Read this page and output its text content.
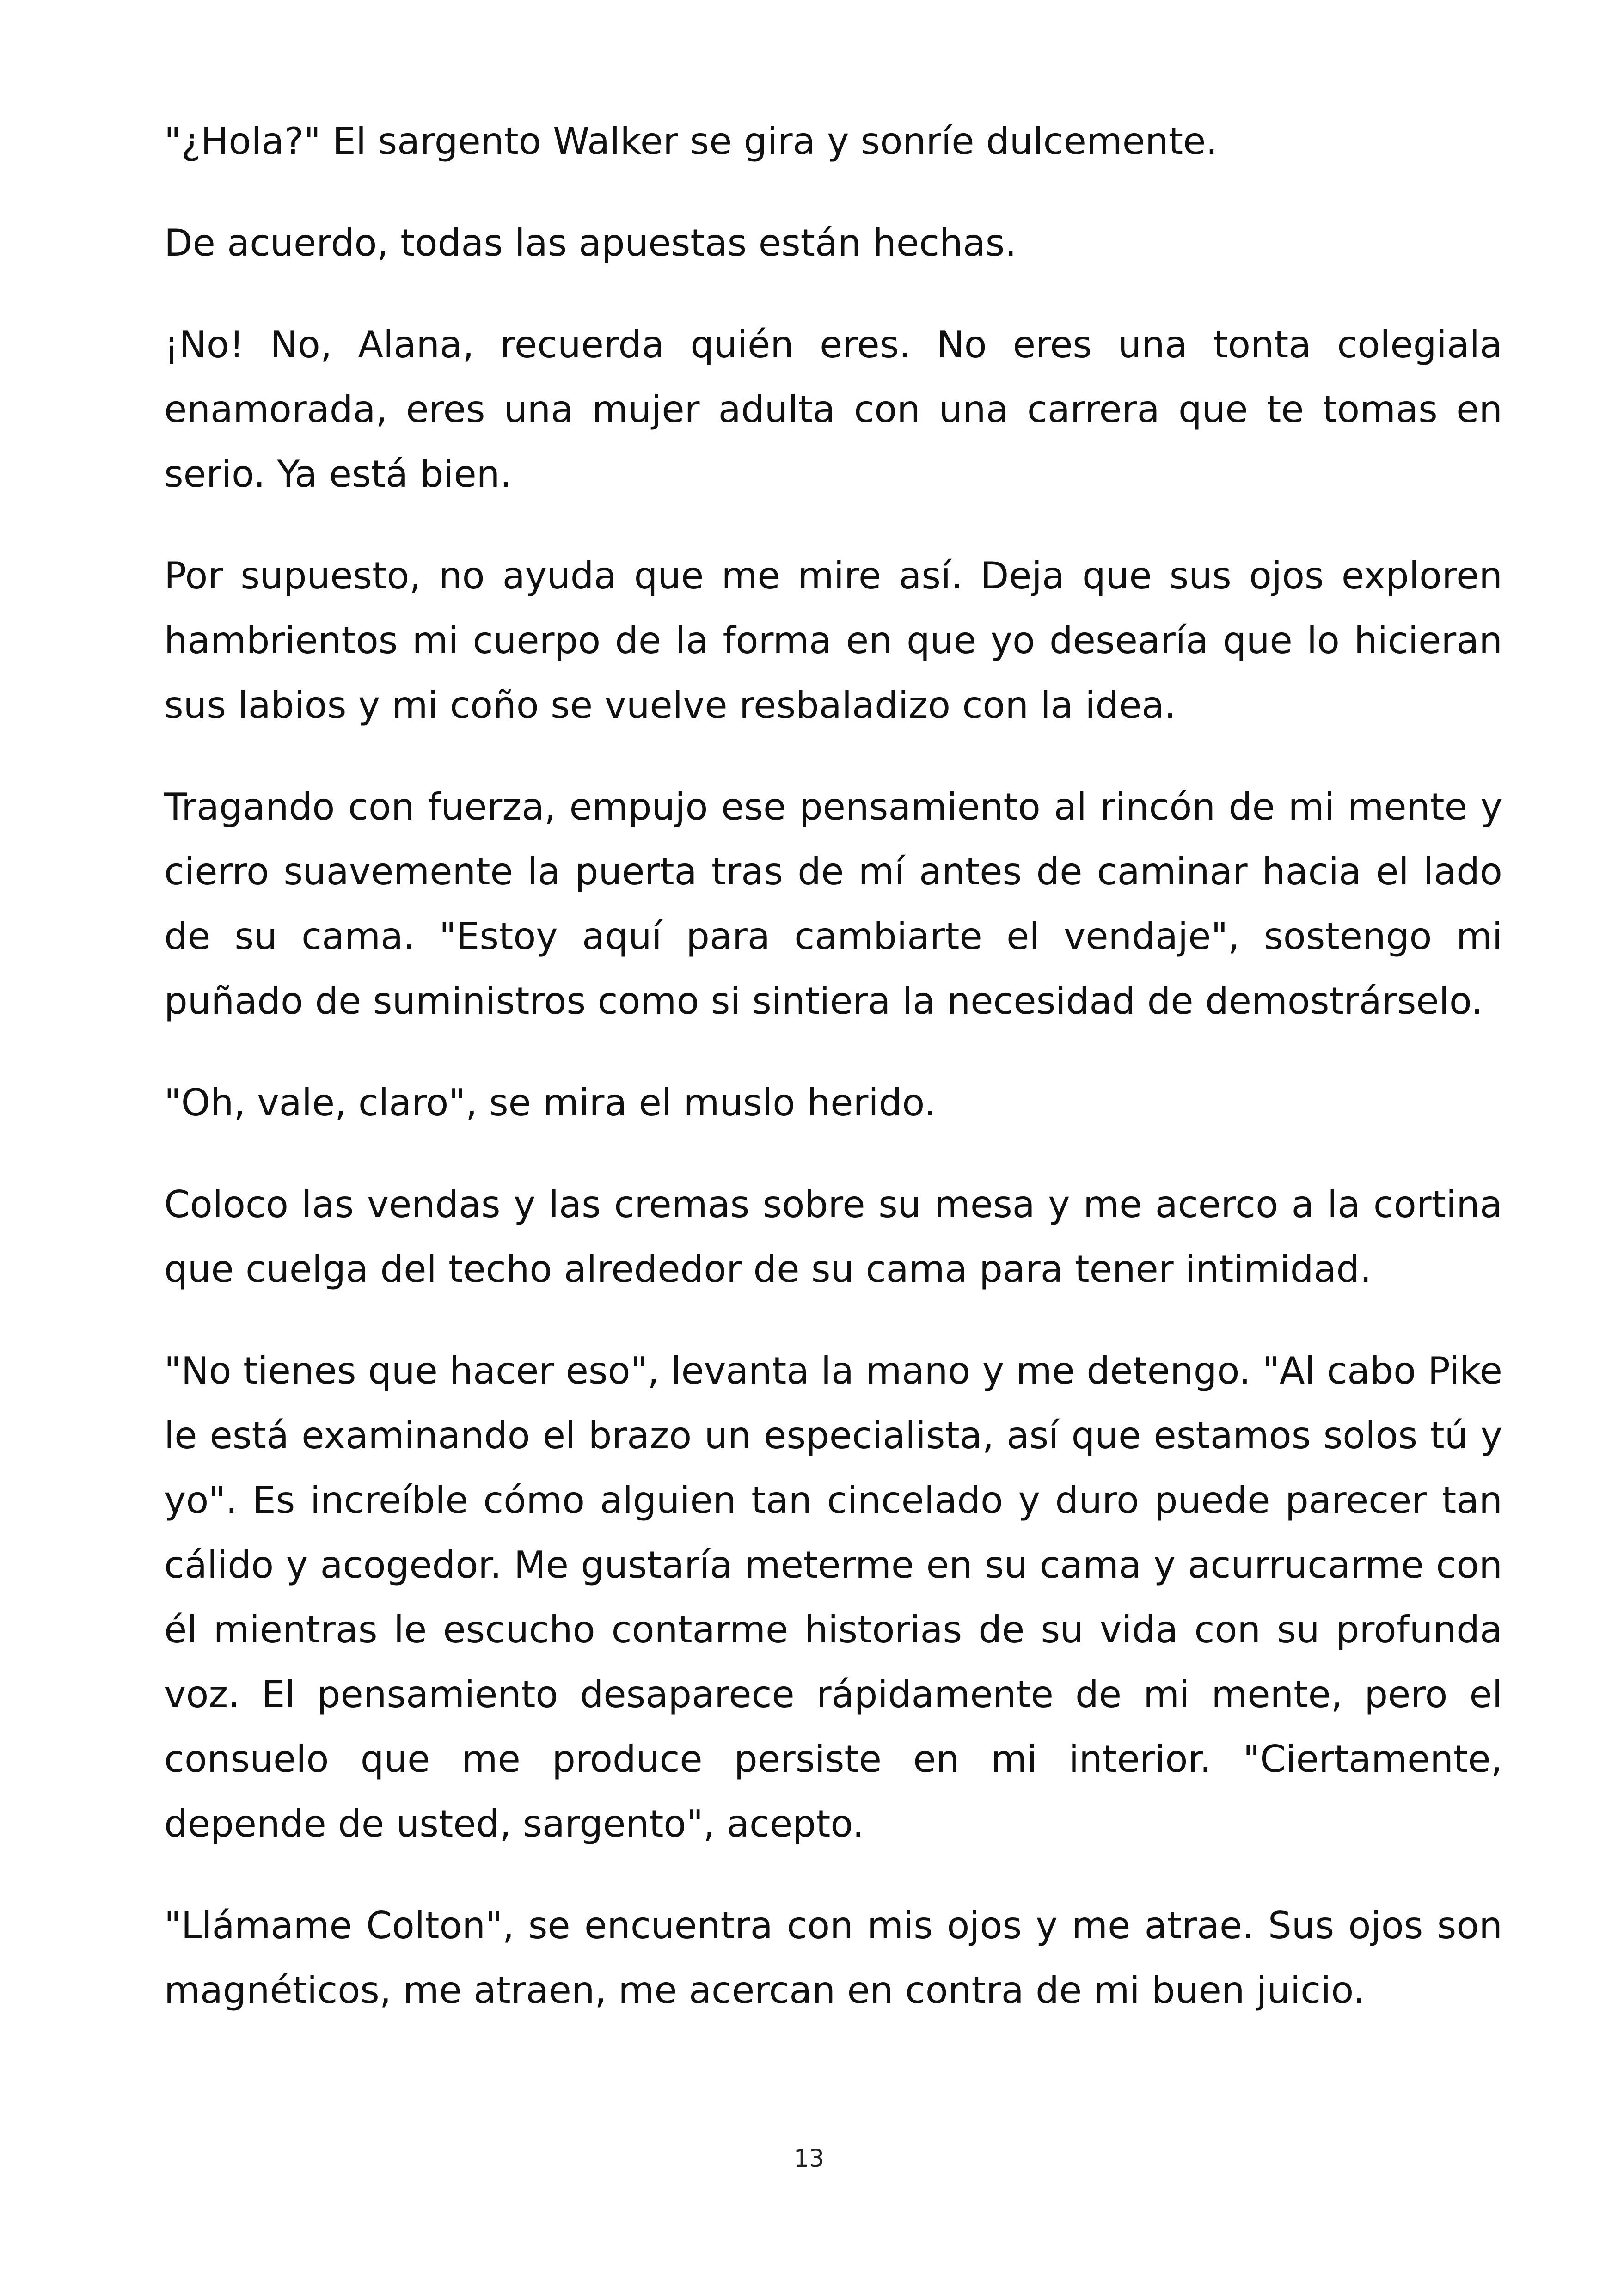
"¿Hola?" El sargento Walker se gira y sonríe dulcemente.

De acuerdo, todas las apuestas están hechas.

¡No! No, Alana, recuerda quién eres. No eres una tonta colegiala enamorada, eres una mujer adulta con una carrera que te tomas en serio. Ya está bien.

Por supuesto, no ayuda que me mire así. Deja que sus ojos exploren hambrientos mi cuerpo de la forma en que yo desearía que lo hicieran sus labios y mi coño se vuelve resbaladizo con la idea.

Tragando con fuerza, empujo ese pensamiento al rincón de mi mente y cierro suavemente la puerta tras de mí antes de caminar hacia el lado de su cama. "Estoy aquí para cambiarte el vendaje", sostengo mi puñado de suministros como si sintiera la necesidad de demostrárselo.

"Oh, vale, claro", se mira el muslo herido.

Coloco las vendas y las cremas sobre su mesa y me acerco a la cortina que cuelga del techo alrededor de su cama para tener intimidad.

"No tienes que hacer eso", levanta la mano y me detengo. "Al cabo Pike le está examinando el brazo un especialista, así que estamos solos tú y yo". Es increíble cómo alguien tan cincelado y duro puede parecer tan cálido y acogedor. Me gustaría meterme en su cama y acurrucarme con él mientras le escucho contarme historias de su vida con su profunda voz. El pensamiento desaparece rápidamente de mi mente, pero el consuelo que me produce persiste en mi interior. "Ciertamente, depende de usted, sargento", acepto.

"Llámame Colton", se encuentra con mis ojos y me atrae. Sus ojos son magnéticos, me atraen, me acercan en contra de mi buen juicio.

13
